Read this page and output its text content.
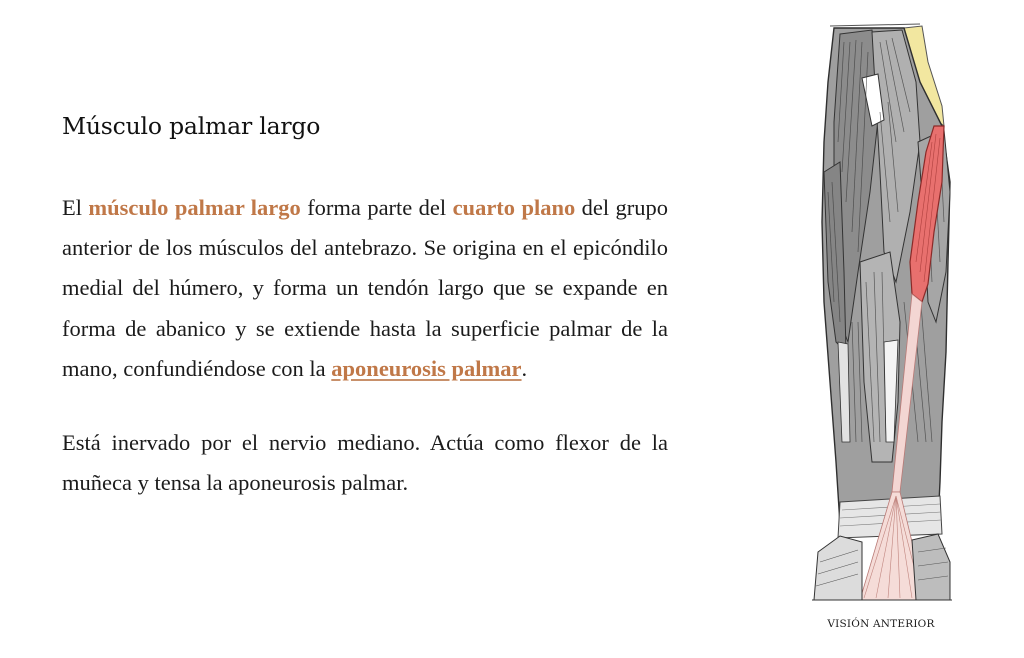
Músculo palmar largo

El músculo palmar largo forma parte del cuarto plano del grupo anterior de los músculos del antebrazo. Se origina en el epicóndilo medial del húmero, y forma un tendón largo que se expande en forma de abanico y se extiende hasta la superficie palmar de la mano, confundiéndose con la aponeurosis palmar.

Está inervado por el nervio mediano. Actúa como flexor de la muñeca y tensa la aponeurosis palmar.

VISIÓN ANTERIOR
